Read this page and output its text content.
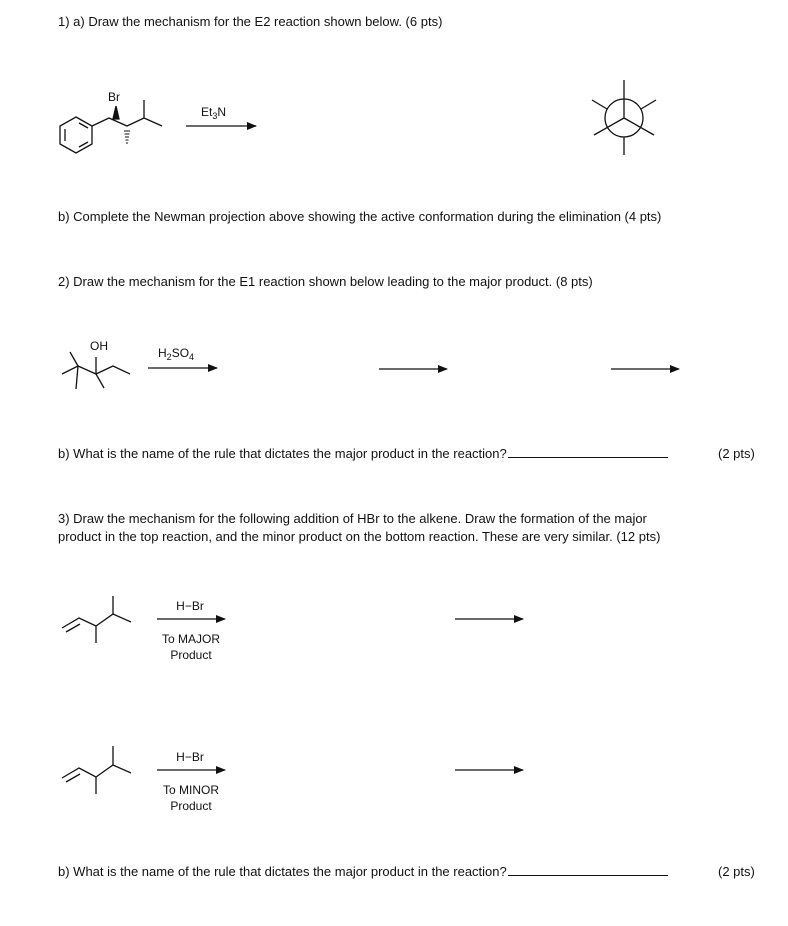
1) a) Draw the mechanism for the E2 reaction shown below. (6 pts)
b) Complete the Newman projection above showing the active conformation during the elimination (4 pts)
2) Draw the mechanism for the E1 reaction shown below leading to the major product. (8 pts)
b) What is the name of the rule that dictates the major product in the reaction?	(2 pts)
3) Draw the mechanism for the following addition of HBr to the alkene. Draw the formation of the major
product in the top reaction, and the minor product on the bottom reaction. These are very similar. (12 pts)
b) What is the name of the rule that dictates the major product in the reaction?	(2 pts)
Br
$Et_3N$
OH	$H_2SO_4$
H−Br
To MAJOR
Product
H−Br
To MINOR
Product
